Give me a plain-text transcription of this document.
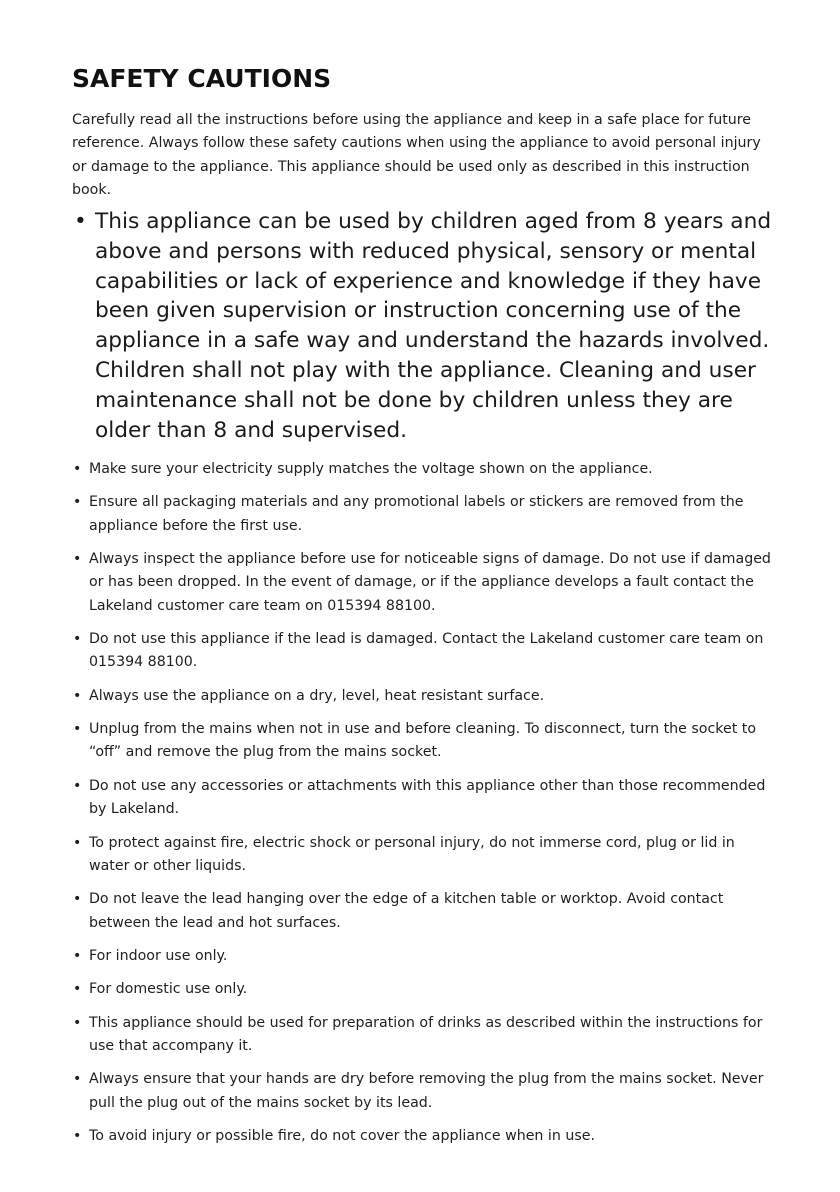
SAFETY CAUTIONS

Carefully read all the instructions before using the appliance and keep in a safe place for future reference. Always follow these safety cautions when using the appliance to avoid personal injury or damage to the appliance. This appliance should be used only as described in this instruction book.

• This appliance can be used by children aged from 8 years and above and persons with reduced physical, sensory or mental capabilities or lack of experience and knowledge if they have been given supervision or instruction concerning use of the appliance in a safe way and understand the hazards involved. Children shall not play with the appliance. Cleaning and user maintenance shall not be done by children unless they are older than 8 and supervised.
• Make sure your electricity supply matches the voltage shown on the appliance.
• Ensure all packaging materials and any promotional labels or stickers are removed from the appliance before the first use.
• Always inspect the appliance before use for noticeable signs of damage. Do not use if damaged or has been dropped. In the event of damage, or if the appliance develops a fault contact the Lakeland customer care team on 015394 88100.
• Do not use this appliance if the lead is damaged. Contact the Lakeland customer care team on 015394 88100.
• Always use the appliance on a dry, level, heat resistant surface.
• Unplug from the mains when not in use and before cleaning. To disconnect, turn the socket to “off” and remove the plug from the mains socket.
• Do not use any accessories or attachments with this appliance other than those recommended by Lakeland.
• To protect against fire, electric shock or personal injury, do not immerse cord, plug or lid in water or other liquids.
• Do not leave the lead hanging over the edge of a kitchen table or worktop. Avoid contact between the lead and hot surfaces.
• For indoor use only.
• For domestic use only.
• This appliance should be used for preparation of drinks as described within the instructions for use that accompany it.
• Always ensure that your hands are dry before removing the plug from the mains socket. Never pull the plug out of the mains socket by its lead.
• To avoid injury or possible fire, do not cover the appliance when in use.
